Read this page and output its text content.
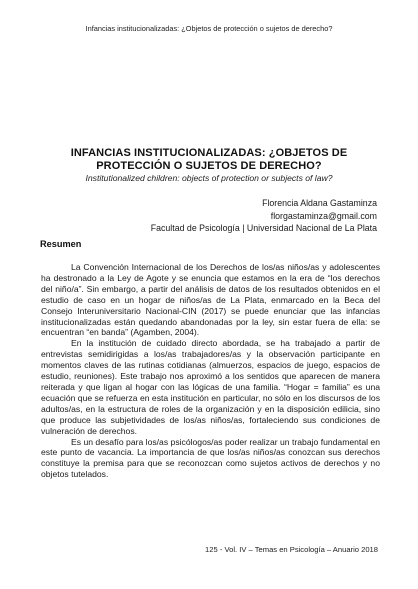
Infancias institucionalizadas: ¿Objetos de protección o sujetos de derecho?
INFANCIAS INSTITUCIONALIZADAS: ¿OBJETOS DE
PROTECCIÓN O SUJETOS DE DERECHO?
Institutionalized children: objects of protection or subjects of law?
Florencia Aldana Gastaminza
florgastaminza@gmail.com
Facultad de Psicología | Universidad Nacional de La Plata
Resumen

La Convención Internacional de los Derechos de los/as niños/as y adolescentes ha destronado a la Ley de Agote y se enuncia que estamos en la era de “los derechos del niño/a”. Sin embargo, a partir del análisis de datos de los resultados obtenidos en el estudio de caso en un hogar de niños/as de La Plata, enmarcado en la Beca del Consejo Interuniversitario Nacional-CIN (2017) se puede enunciar que las infancias institucionalizadas están quedando abandonadas por la ley, sin estar fuera de ella: se encuentran “en banda” (Agamben, 2004).

En la institución de cuidado directo abordada, se ha trabajado a partir de entrevistas semidirigidas a los/as trabajadores/as y la observación participante en momentos claves de las rutinas cotidianas (almuerzos, espacios de juego, espacios de estudio, reuniones). Este trabajo nos aproximó a los sentidos que aparecen de manera reiterada y que ligan al hogar con las lógicas de una familia. “Hogar = familia” es una ecuación que se refuerza en esta institución en particular, no sólo en los discursos de los adultos/as, en la estructura de roles de la organización y en la disposición edilicia, sino que produce las subjetividades de los/as niños/as, fortaleciendo sus condiciones de vulneración de derechos.

Es un desafío para los/as psicólogos/as poder realizar un trabajo fundamental en este punto de vacancia. La importancia de que los/as niños/as conozcan sus derechos constituye la premisa para que se reconozcan como sujetos activos de derechos y no objetos tutelados.

125 - Vol. IV – Temas en Psicología – Anuario 2018
